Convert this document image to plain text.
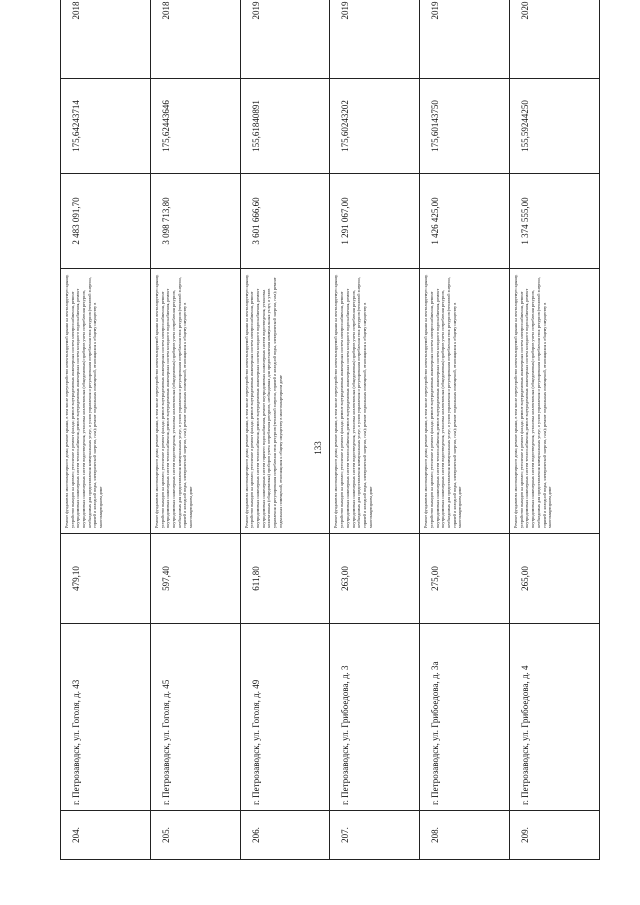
133
204.	г. Петрозаводск, ул. Гоголя, д. 43	479,10	Ремонт фундамента многоквартирного дома; ремонт крыши, в том числе переустройство невентилируемой крыши на вентилируемую крышу, устройство выходов на кровлю; утепление и ремонт фасада; ремонт внутридомовых инженерных систем электроснабжения, ремонт внутридомовых инженерных систем теплоснабжения, ремонт внутридомовых инженерных систем холодного водоснабжения, ремонт внутридомовых инженерных систем водоотведения, установка коллективных (общедомовых) приборов учета потребления ресурсов, необходимых для предоставления коммунальных услуг, и узлов управления и регулирования потребления этих ресурсов (тепловой энергии, горячей и холодной воды, электрической энергии, газа); ремонт подвальных помещений, относящихся к общему имуществу в многоквартирном доме	2 483 091,70	175,64243714	2018
205.	г. Петрозаводск, ул. Гоголя, д. 45	597,40	Ремонт фундамента многоквартирного дома; ремонт крыши, в том числе переустройство невентилируемой крыши на вентилируемую крышу, устройство выходов на кровлю; утепление и ремонт фасада; ремонт внутридомовых инженерных систем электроснабжения, ремонт внутридомовых инженерных систем теплоснабжения, ремонт внутридомовых инженерных систем холодного водоснабжения, ремонт внутридомовых инженерных систем водоотведения, установка коллективных (общедомовых) приборов учета потребления ресурсов, необходимых для предоставления коммунальных услуг, и узлов управления и регулирования потребления этих ресурсов (тепловой энергии, горячей и холодной воды, электрической энергии, газа); ремонт подвальных помещений, относящихся к общему имуществу в многоквартирном доме	3 098 713,80	175,62443646	2018
206.	г. Петрозаводск, ул. Гоголя, д. 49	611,80	Ремонт фундамента многоквартирного дома; ремонт крыши, в том числе переустройство невентилируемой крыши на вентилируемую крышу, устройство выходов на кровлю; утепление и ремонт фасада; ремонт внутридомовых инженерных систем электроснабжения, ремонт внутридомовых инженерных систем теплоснабжения, ремонт внутридомовых инженерных систем холодного водоснабжения, ремонт внутридомовых инженерных систем горячего водоснабжения, ремонт внутридомовых инженерных систем водоотведения, установка коллективных (общедомовых) приборов учета потребления ресурсов, необходимых для предоставления коммунальных услуг, и узлов управления и регулирования потребления этих ресурсов (тепловой энергии, горячей и холодной воды, электрической энергии, газа); ремонт подвальных помещений, относящихся к общему имуществу в многоквартирном доме	3 601 666,60	155,61840891	2019
207.	г. Петрозаводск, ул. Грибоедова, д. 3	263,00	Ремонт фундамента многоквартирного дома; ремонт крыши, в том числе переустройство невентилируемой крыши на вентилируемую крышу, устройство выходов на кровлю; утепление и ремонт фасада; ремонт внутридомовых инженерных систем электроснабжения, ремонт внутридомовых инженерных систем теплоснабжения, ремонт внутридомовых инженерных систем холодного водоснабжения, ремонт внутридомовых инженерных систем водоотведения, установка коллективных (общедомовых) приборов учета потребления ресурсов, необходимых для предоставления коммунальных услуг, и узлов управления и регулирования потребления этих ресурсов (тепловой энергии, горячей и холодной воды, электрической энергии, газа); ремонт подвальных помещений, относящихся к общему имуществу в многоквартирном доме	1 291 067,00	175,60243202	2019
208.	г. Петрозаводск, ул. Грибоедова, д. 3а	275,00	Ремонт фундамента многоквартирного дома; ремонт крыши, в том числе переустройство невентилируемой крыши на вентилируемую крышу, устройство выходов на кровлю; утепление и ремонт фасада; ремонт внутридомовых инженерных систем электроснабжения, ремонт внутридомовых инженерных систем теплоснабжения, ремонт внутридомовых инженерных систем холодного водоснабжения, ремонт внутридомовых инженерных систем водоотведения, установка коллективных (общедомовых) приборов учета потребления ресурсов, необходимых для предоставления коммунальных услуг, и узлов управления и регулирования потребления этих ресурсов (тепловой энергии, горячей и холодной воды, электрической энергии, газа); ремонт подвальных помещений, относящихся к общему имуществу в многоквартирном доме	1 426 425,00	175,60143750	2019
209.	г. Петрозаводск, ул. Грибоедова, д. 4	265,00	Ремонт фундамента многоквартирного дома; ремонт крыши, в том числе переустройство невентилируемой крыши на вентилируемую крышу, устройство выходов на кровлю; утепление и ремонт фасада; ремонт внутридомовых инженерных систем электроснабжения, ремонт внутридомовых инженерных систем теплоснабжения, ремонт внутридомовых инженерных систем холодного водоснабжения, ремонт внутридомовых инженерных систем водоотведения, установка коллективных (общедомовых) приборов учета потребления ресурсов, необходимых для предоставления коммунальных услуг, и узлов управления и регулирования потребления этих ресурсов (тепловой энергии, горячей и холодной воды, электрической энергии, газа); ремонт подвальных помещений, относящихся к общему имуществу в многоквартирном доме	1 374 555,00	155,59244250	2020
